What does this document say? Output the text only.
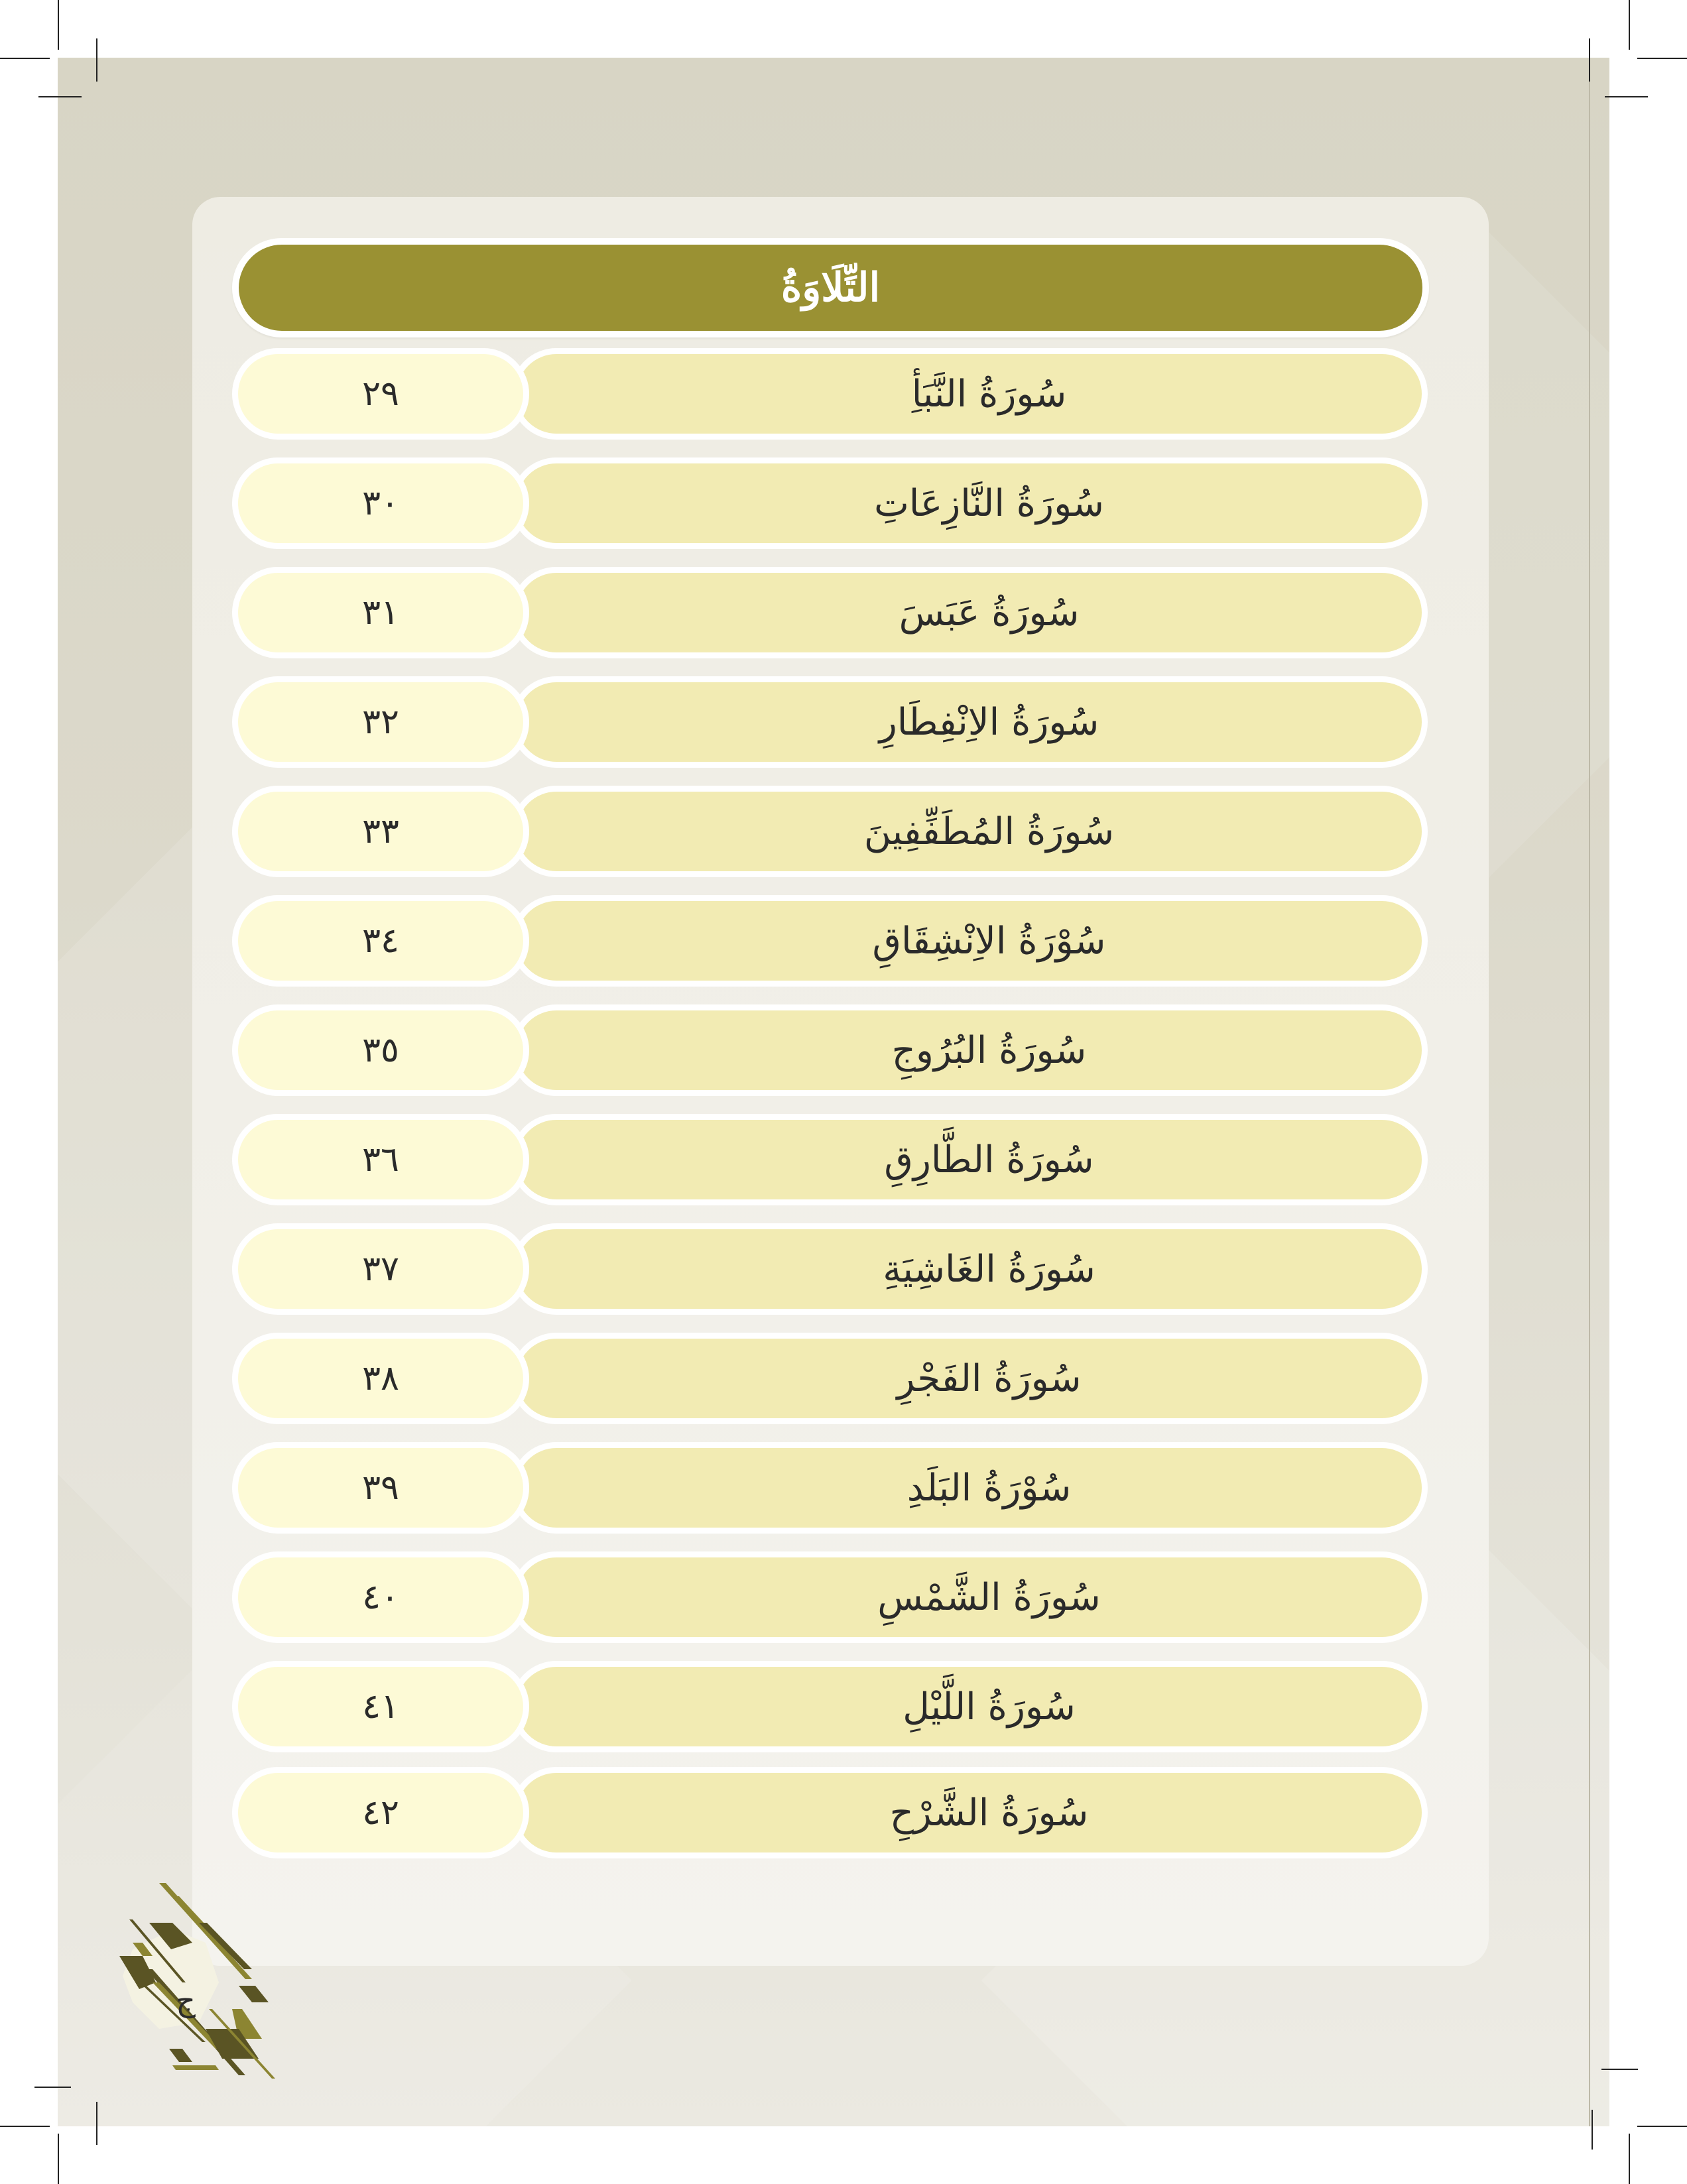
التِّلَاوَةُ
سُورَةُ النَّبَأِ
٢٩
سُورَةُ النَّازِعَاتِ
٣٠
سُورَةُ عَبَسَ
٣١
سُورَةُ الاِنْفِطَارِ
٣٢
سُورَةُ المُطَفِّفِينَ
٣٣
سُوْرَةُ الاِنْشِقَاقِ
٣٤
سُورَةُ البُرُوجِ
٣٥
سُورَةُ الطَّارِقِ
٣٦
سُورَةُ الغَاشِيَةِ
٣٧
سُورَةُ الفَجْرِ
٣٨
سُوْرَةُ البَلَدِ
٣٩
سُورَةُ الشَّمْسِ
٤٠
سُورَةُ اللَّيْلِ
٤١
سُورَةُ الشَّرْحِ
٤٢
ج
